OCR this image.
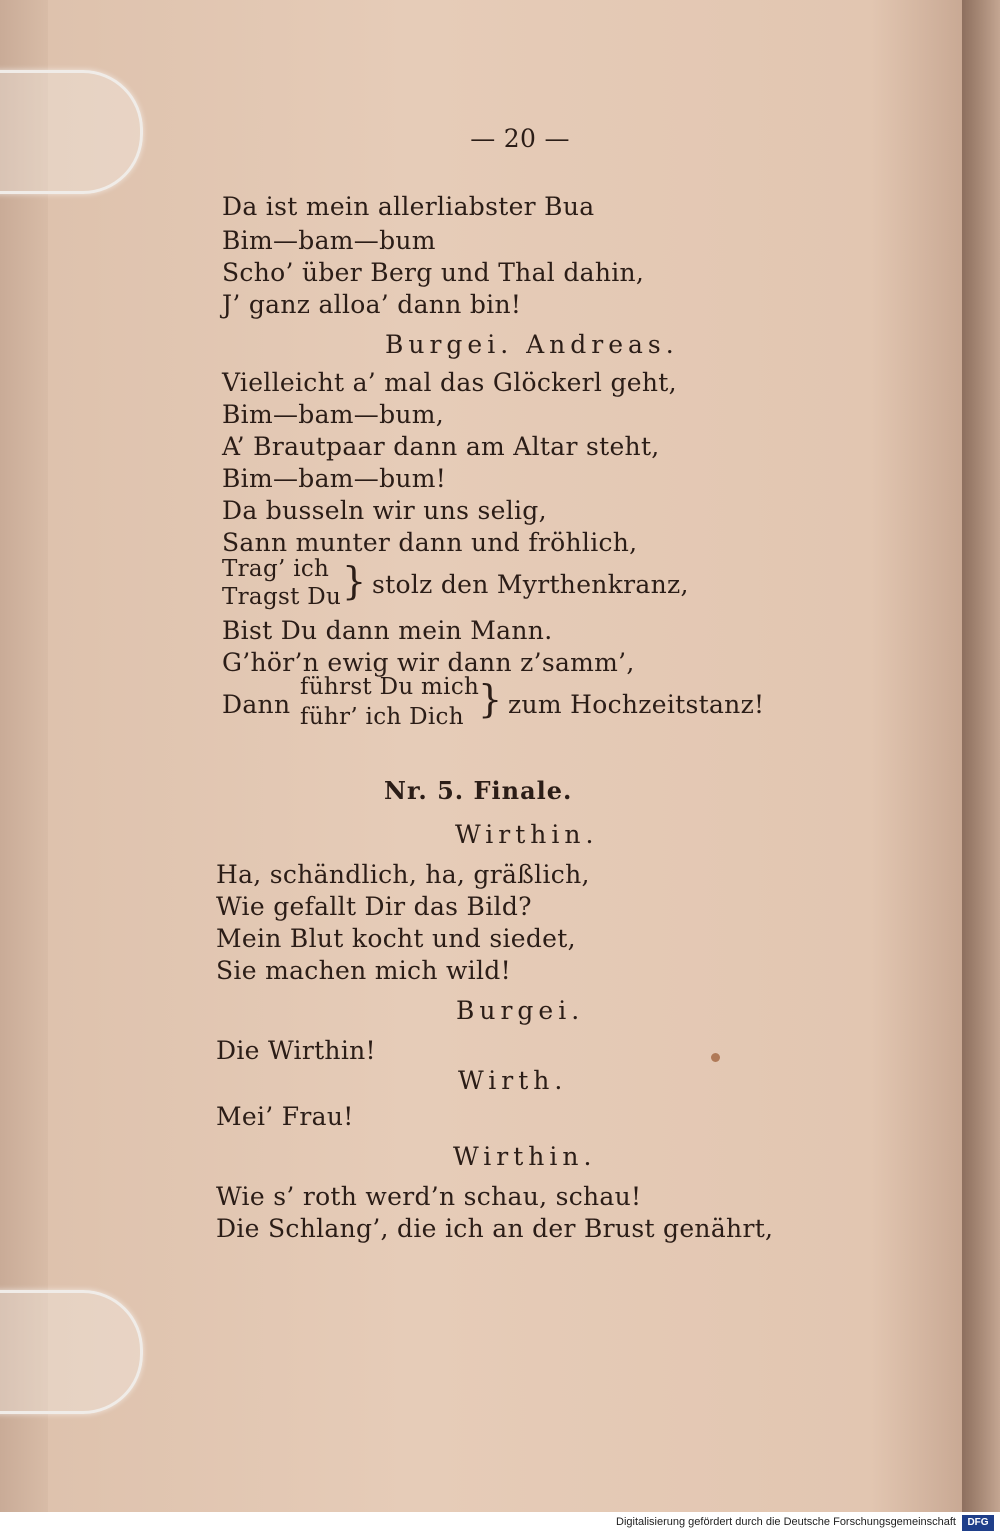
— 20 —
Da ist mein allerliabster Bua
Bim—bam—bum
Scho’ über Berg und Thal dahin,
J’ ganz alloa’ dann bin!
Burgei. Andreas.
Vielleicht a’ mal das Glöckerl geht,
Bim—bam—bum,
A’ Brautpaar dann am Altar steht,
Bim—bam—bum!
Da busseln wir uns selig,
Sann munter dann und fröhlich,
Trag’ ich
Tragst Du } stolz den Myrthenkranz,
Bist Du dann mein Mann.
G’hör’n ewig wir dann z’samm’,
Dann
führst Du mich
führ’ ich Dich } zum Hochzeitstanz!
Nr. 5. Finale.
Wirthin.
Ha, schändlich, ha, gräßlich,
Wie gefallt Dir das Bild?
Mein Blut kocht und siedet,
Sie machen mich wild!
Burgei.
Die Wirthin!
Wirth.
Mei’ Frau!
Wirthin.
Wie s’ roth werd’n schau, schau!
Die Schlang’, die ich an der Brust genährt,
Digitalisierung gefördert durch die Deutsche Forschungsgemeinschaft	DFG
